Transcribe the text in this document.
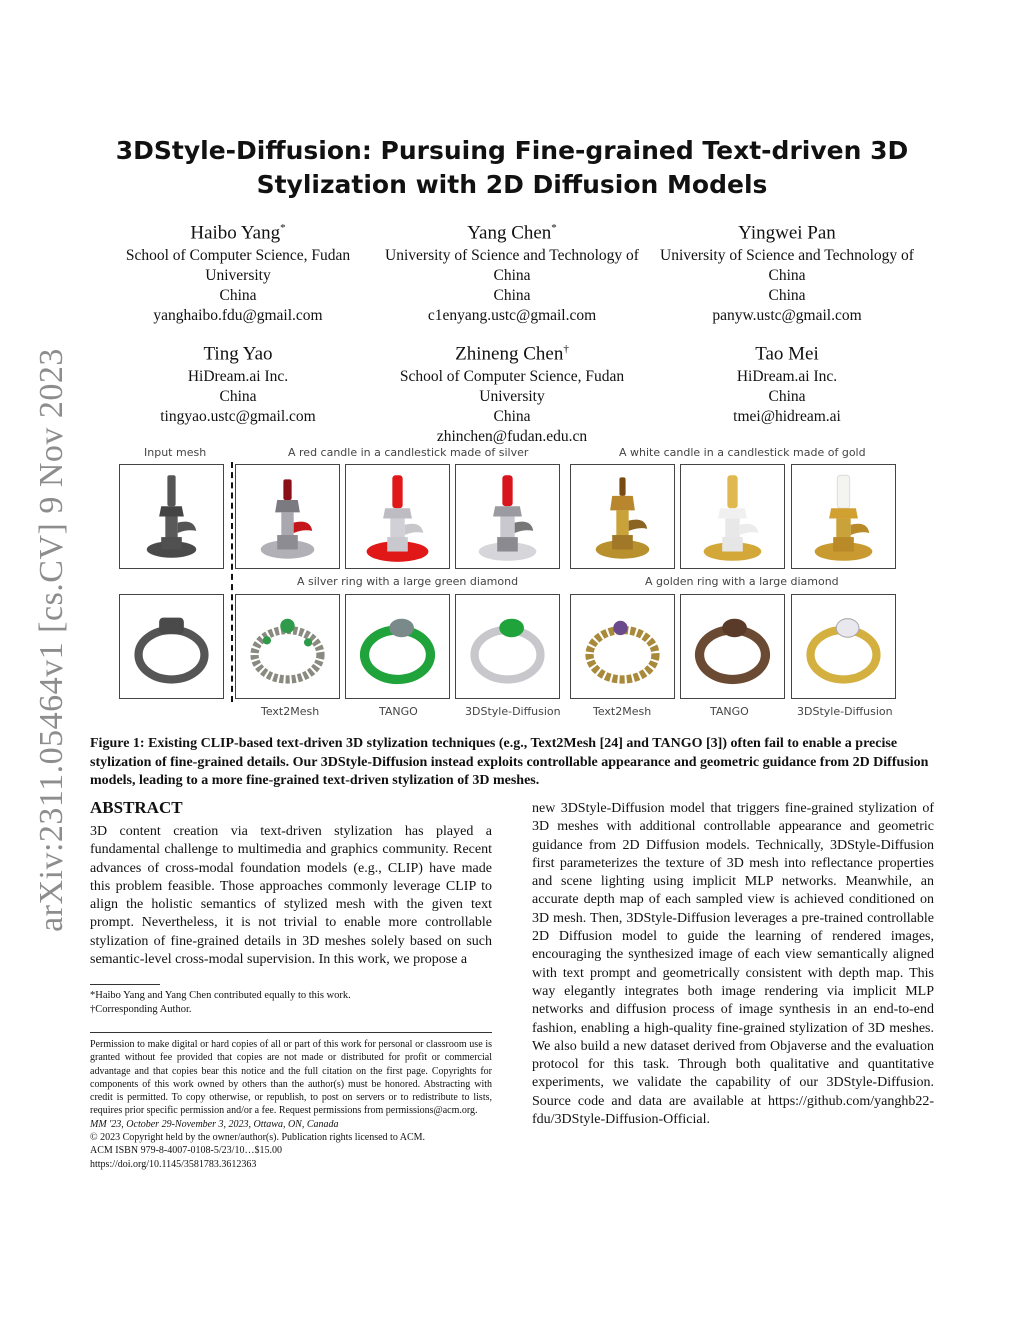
arXiv:2311.05464v1 [cs.CV] 9 Nov 2023
3DStyle-Diffusion: Pursuing Fine-grained Text-driven 3D Stylization with 2D Diffusion Models
Haibo Yang*
School of Computer Science, Fudan University
China
yanghaibo.fdu@gmail.com
Yang Chen*
University of Science and Technology of China
China
c1enyang.ustc@gmail.com
Yingwei Pan
University of Science and Technology of China
China
panyw.ustc@gmail.com
Ting Yao
HiDream.ai Inc.
China
tingyao.ustc@gmail.com
Zhineng Chen†
School of Computer Science, Fudan University
China
zhinchen@fudan.edu.cn
Tao Mei
HiDream.ai Inc.
China
tmei@hidream.ai
Input mesh	A red candle in a candlestick made of silver	A white candle in a candlestick made of gold
A silver ring with a large green diamond	A golden ring with a large diamond
Text2Mesh	TANGO	3DStyle-Diffusion	Text2Mesh	TANGO	3DStyle-Diffusion

Figure 1: Existing CLIP-based text-driven 3D stylization techniques (e.g., Text2Mesh [24] and TANGO [3]) often fail to enable a precise stylization of fine-grained details. Our 3DStyle-Diffusion instead exploits controllable appearance and geometric guidance from 2D Diffusion models, leading to a more fine-grained text-driven stylization of 3D meshes.

ABSTRACT

3D content creation via text-driven stylization has played a fundamental challenge to multimedia and graphics community. Recent advances of cross-modal foundation models (e.g., CLIP) have made this problem feasible. Those approaches commonly leverage CLIP to align the holistic semantics of stylized mesh with the given text prompt. Nevertheless, it is not trivial to enable more controllable stylization of fine-grained details in 3D meshes solely based on such semantic-level cross-modal supervision. In this work, we propose a

new 3DStyle-Diffusion model that triggers fine-grained stylization of 3D meshes with additional controllable appearance and geometric guidance from 2D Diffusion models. Technically, 3DStyle-Diffusion first parameterizes the texture of 3D mesh into reflectance properties and scene lighting using implicit MLP networks. Meanwhile, an accurate depth map of each sampled view is achieved conditioned on 3D mesh. Then, 3DStyle-Diffusion leverages a pre-trained controllable 2D Diffusion model to guide the learning of rendered images, encouraging the synthesized image of each view semantically aligned with text prompt and geometrically consistent with depth map. This way elegantly integrates both image rendering via implicit MLP networks and diffusion process of image synthesis in an end-to-end fashion, enabling a high-quality fine-grained stylization of 3D meshes. We also build a new dataset derived from Objaverse and the evaluation protocol for this task. Through both qualitative and quantitative experiments, we validate the capability of our 3DStyle-Diffusion. Source code and data are available at https://github.com/yanghb22-fdu/3DStyle-Diffusion-Official.

*Haibo Yang and Yang Chen contributed equally to this work.
†Corresponding Author.
Permission to make digital or hard copies of all or part of this work for personal or classroom use is granted without fee provided that copies are not made or distributed for profit or commercial advantage and that copies bear this notice and the full citation on the first page. Copyrights for components of this work owned by others than the author(s) must be honored. Abstracting with credit is permitted. To copy otherwise, or republish, to post on servers or to redistribute to lists, requires prior specific permission and/or a fee. Request permissions from permissions@acm.org.
MM '23, October 29-November 3, 2023, Ottawa, ON, Canada
© 2023 Copyright held by the owner/author(s). Publication rights licensed to ACM.
ACM ISBN 979-8-4007-0108-5/23/10…$15.00
https://doi.org/10.1145/3581783.3612363
